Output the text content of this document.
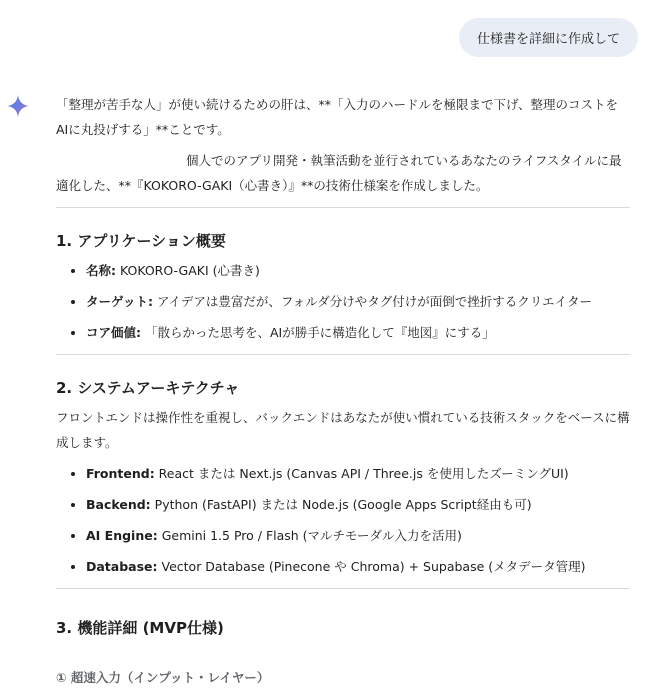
仕様書を詳細に作成して

「整理が苦手な人」が使い続けるための肝は、**「入力のハードルを極限まで下げ、整理のコストをAIに丸投げする」**ことです。

個人でのアプリ開発・執筆活動を並行されているあなたのライフスタイルに最適化した、**『KOKORO-GAKI（心書き）』**の技術仕様案を作成しました。

1. アプリケーション概要
• 名称: KOKORO-GAKI (心書き)
• ターゲット: アイデアは豊富だが、フォルダ分けやタグ付けが面倒で挫折するクリエイター
• コア価値: 「散らかった思考を、AIが勝手に構造化して『地図』にする」
2. システムアーキテクチャ

フロントエンドは操作性を重視し、バックエンドはあなたが使い慣れている技術スタックをベースに構成します。

• Frontend: React または Next.js (Canvas API / Three.js を使用したズーミングUI)
• Backend: Python (FastAPI) または Node.js (Google Apps Script経由も可)
• AI Engine: Gemini 1.5 Pro / Flash (マルチモーダル入力を活用)
• Database: Vector Database (Pinecone や Chroma) + Supabase (メタデータ管理)
3. 機能詳細 (MVP仕様)
① 超速入力（インプット・レイヤー）
